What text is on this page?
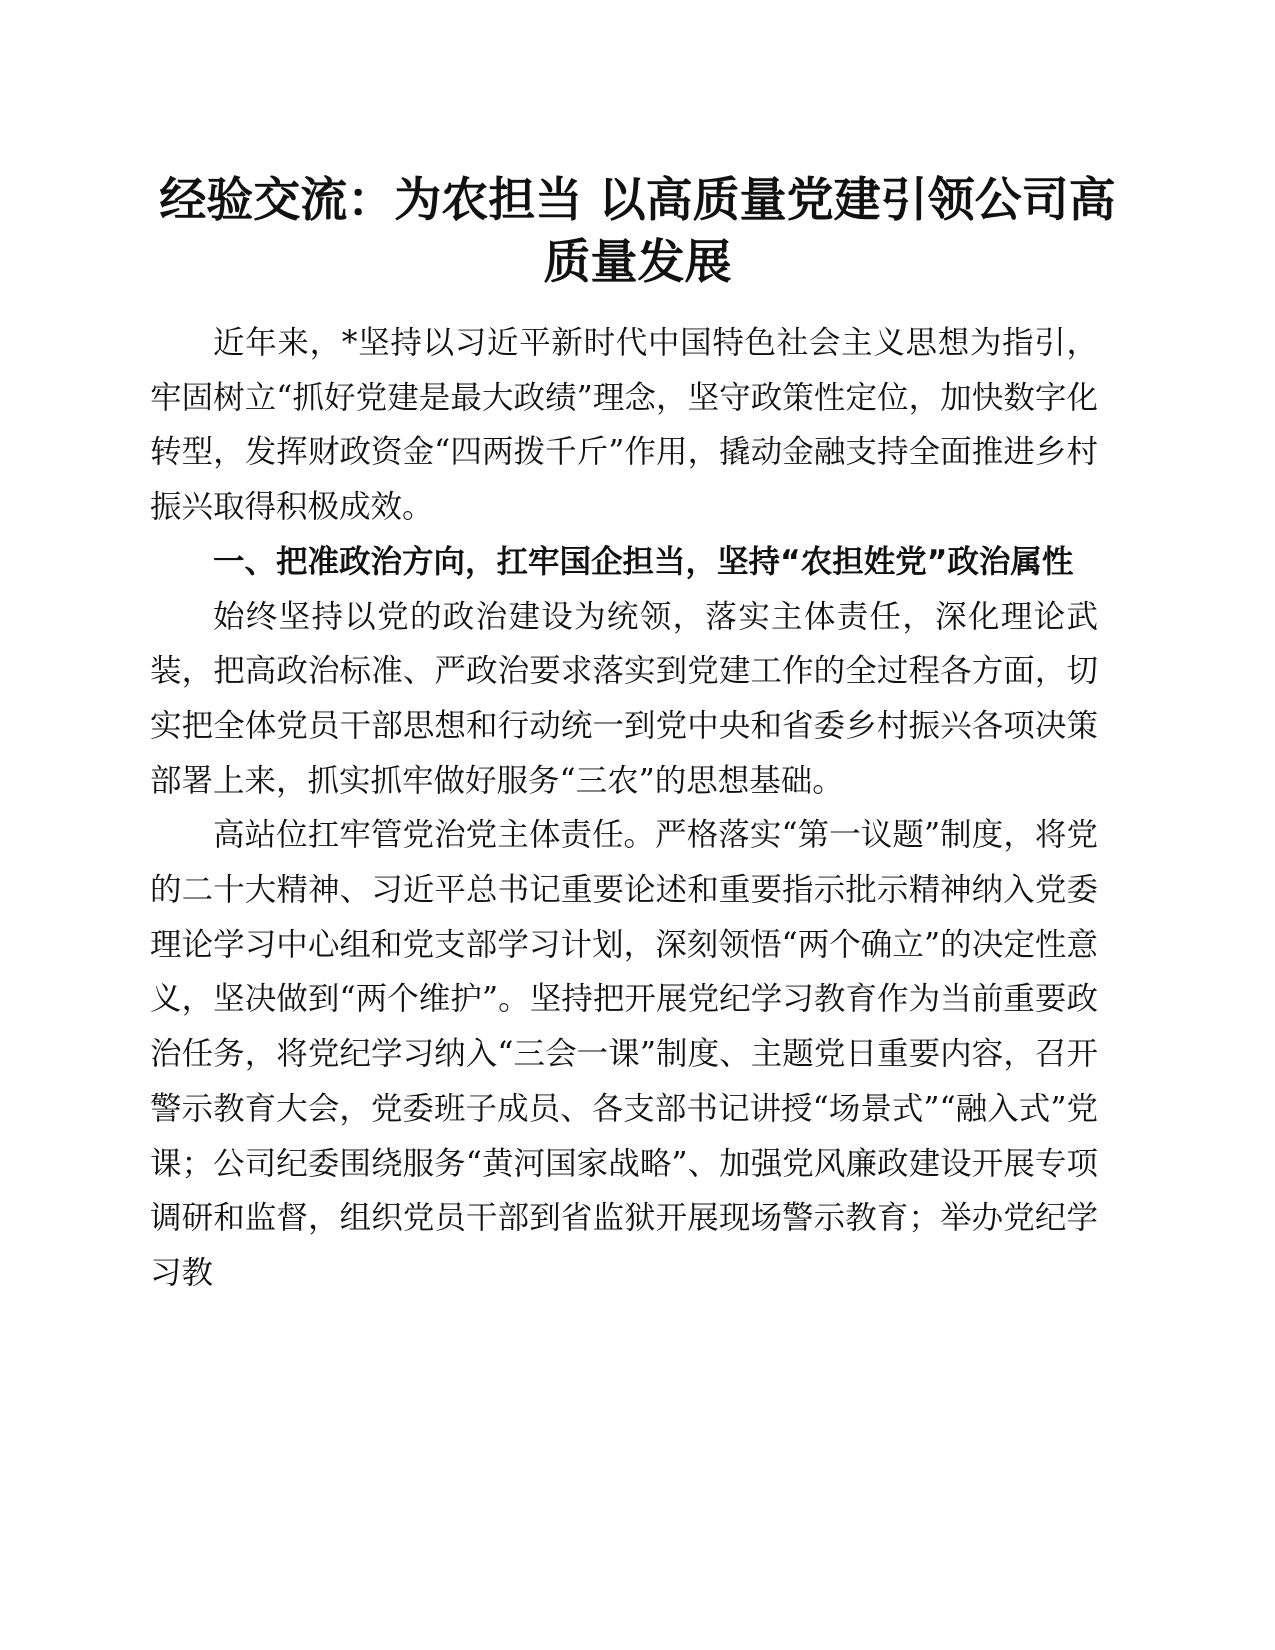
经验交流：为农担当 以高质量党建引领公司高质量发展

近年来，*坚持以习近平新时代中国特色社会主义思想为指引，牢固树立“抓好党建是最大政绩”理念，坚守政策性定位，加快数字化转型，发挥财政资金“四两拨千斤”作用，撬动金融支持全面推进乡村振兴取得积极成效。

一、把准政治方向，扛牢国企担当，坚持“农担姓党”政治属性

始终坚持以党的政治建设为统领，落实主体责任，深化理论武装，把高政治标准、严政治要求落实到党建工作的全过程各方面，切实把全体党员干部思想和行动统一到党中央和省委乡村振兴各项决策部署上来，抓实抓牢做好服务“三农”的思想基础。

高站位扛牢管党治党主体责任。严格落实“第一议题”制度，将党的二十大精神、习近平总书记重要论述和重要指示批示精神纳入党委理论学习中心组和党支部学习计划，深刻领悟“两个确立”的决定性意义，坚决做到“两个维护”。坚持把开展党纪学习教育作为当前重要政治任务，将党纪学习纳入“三会一课”制度、主题党日重要内容，召开警示教育大会，党委班子成员、各支部书记讲授“场景式”“融入式”党课；公司纪委围绕服务“黄河国家战略”、加强党风廉政建设开展专项调研和监督，组织党员干部到省监狱开展现场警示教育；举办党纪学习教
